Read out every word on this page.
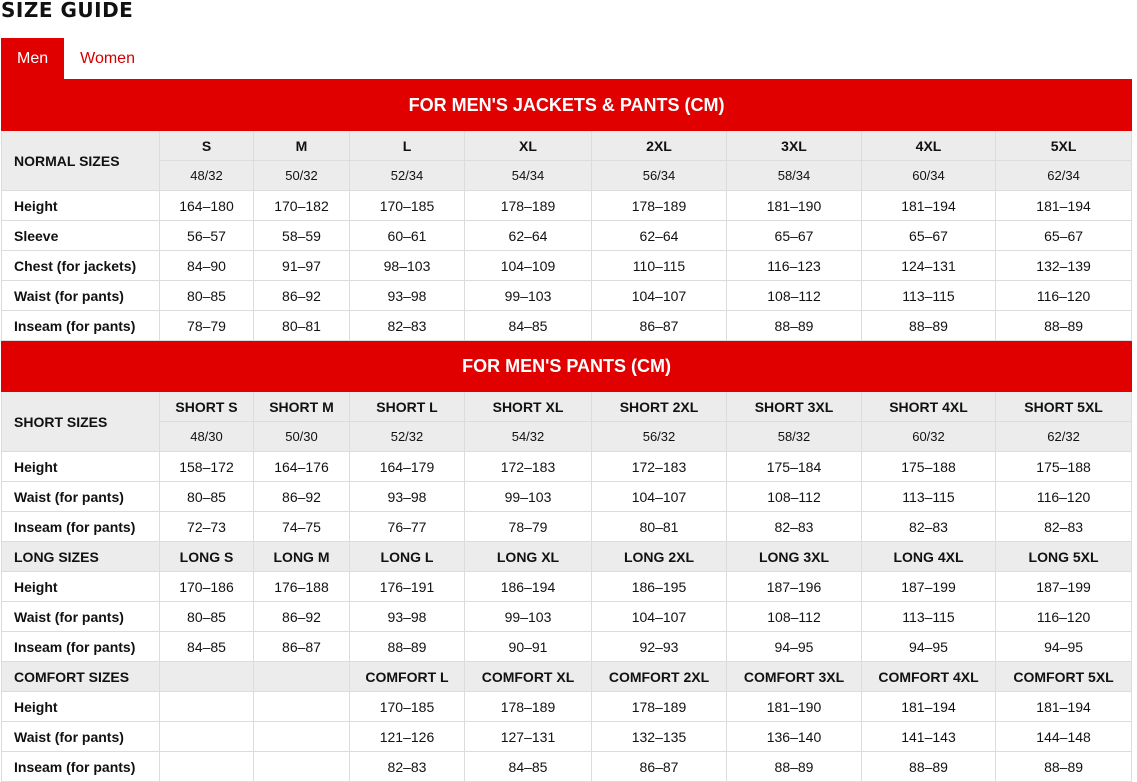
SIZE GUIDE
Men	Women
FOR MEN'S JACKETS & PANTS (CM)								
NORMAL SIZES	S	M	L	XL	2XL	3XL	4XL	5XL
	48/32	50/32	52/34	54/34	56/34	58/34	60/34	62/34
Height	164–180	170–182	170–185	178–189	178–189	181–190	181–194	181–194
Sleeve	56–57	58–59	60–61	62–64	62–64	65–67	65–67	65–67
Chest (for jackets)	84–90	91–97	98–103	104–109	110–115	116–123	124–131	132–139
Waist (for pants)	80–85	86–92	93–98	99–103	104–107	108–112	113–115	116–120
Inseam (for pants)	78–79	80–81	82–83	84–85	86–87	88–89	88–89	88–89
FOR MEN'S PANTS (CM)								
SHORT SIZES	SHORT S	SHORT M	SHORT L	SHORT XL	SHORT 2XL	SHORT 3XL	SHORT 4XL	SHORT 5XL
	48/30	50/30	52/32	54/32	56/32	58/32	60/32	62/32
Height	158–172	164–176	164–179	172–183	172–183	175–184	175–188	175–188
Waist (for pants)	80–85	86–92	93–98	99–103	104–107	108–112	113–115	116–120
Inseam (for pants)	72–73	74–75	76–77	78–79	80–81	82–83	82–83	82–83
LONG SIZES	LONG S	LONG M	LONG L	LONG XL	LONG 2XL	LONG 3XL	LONG 4XL	LONG 5XL
Height	170–186	176–188	176–191	186–194	186–195	187–196	187–199	187–199
Waist (for pants)	80–85	86–92	93–98	99–103	104–107	108–112	113–115	116–120
Inseam (for pants)	84–85	86–87	88–89	90–91	92–93	94–95	94–95	94–95
COMFORT SIZES			COMFORT L	COMFORT XL	COMFORT 2XL	COMFORT 3XL	COMFORT 4XL	COMFORT 5XL
Height			170–185	178–189	178–189	181–190	181–194	181–194
Waist (for pants)			121–126	127–131	132–135	136–140	141–143	144–148
Inseam (for pants)			82–83	84–85	86–87	88–89	88–89	88–89
